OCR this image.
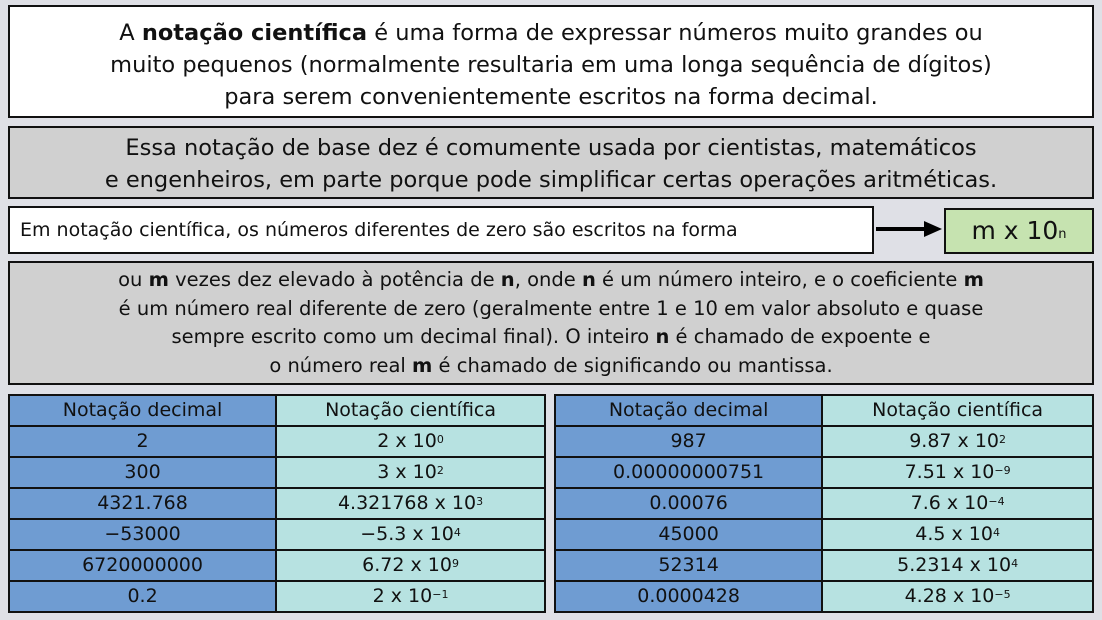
A notação científica é uma forma de expressar números muito grandes ou
muito pequenos (normalmente resultaria em uma longa sequência de dígitos)
para serem convenientemente escritos na forma decimal.
Essa notação de base dez é comumente usada por cientistas, matemáticos
e engenheiros, em parte porque pode simplificar certas operações aritméticas.
Em notação científica, os números diferentes de zero são escritos na forma	m x 10$^n$
ou m vezes dez elevado à potência de n, onde n é um número inteiro, e o coeficiente m
é um número real diferente de zero (geralmente entre 1 e 10 em valor absoluto e quase
sempre escrito como um decimal final). O inteiro n é chamado de expoente e
o número real m é chamado de significando ou mantissa.
Notação decimal	Notação científica
2	2 x $10^0$
300	3 x $10^2$
4321.768	4.321768 x $10^3$
−53000	−5.3 x $10^4$
6720000000	6.72 x $10^9$
0.2	2 x $10^{-1}$
Notação decimal	Notação científica
987	9.87 x $10^2$
0.00000000751	7.51 x $10^{-9}$
0.00076	7.6 x $10^{-4}$
45000	4.5 x $10^4$
52314	5.2314 x $10^4$
0.0000428	4.28 x $10^{-5}$
